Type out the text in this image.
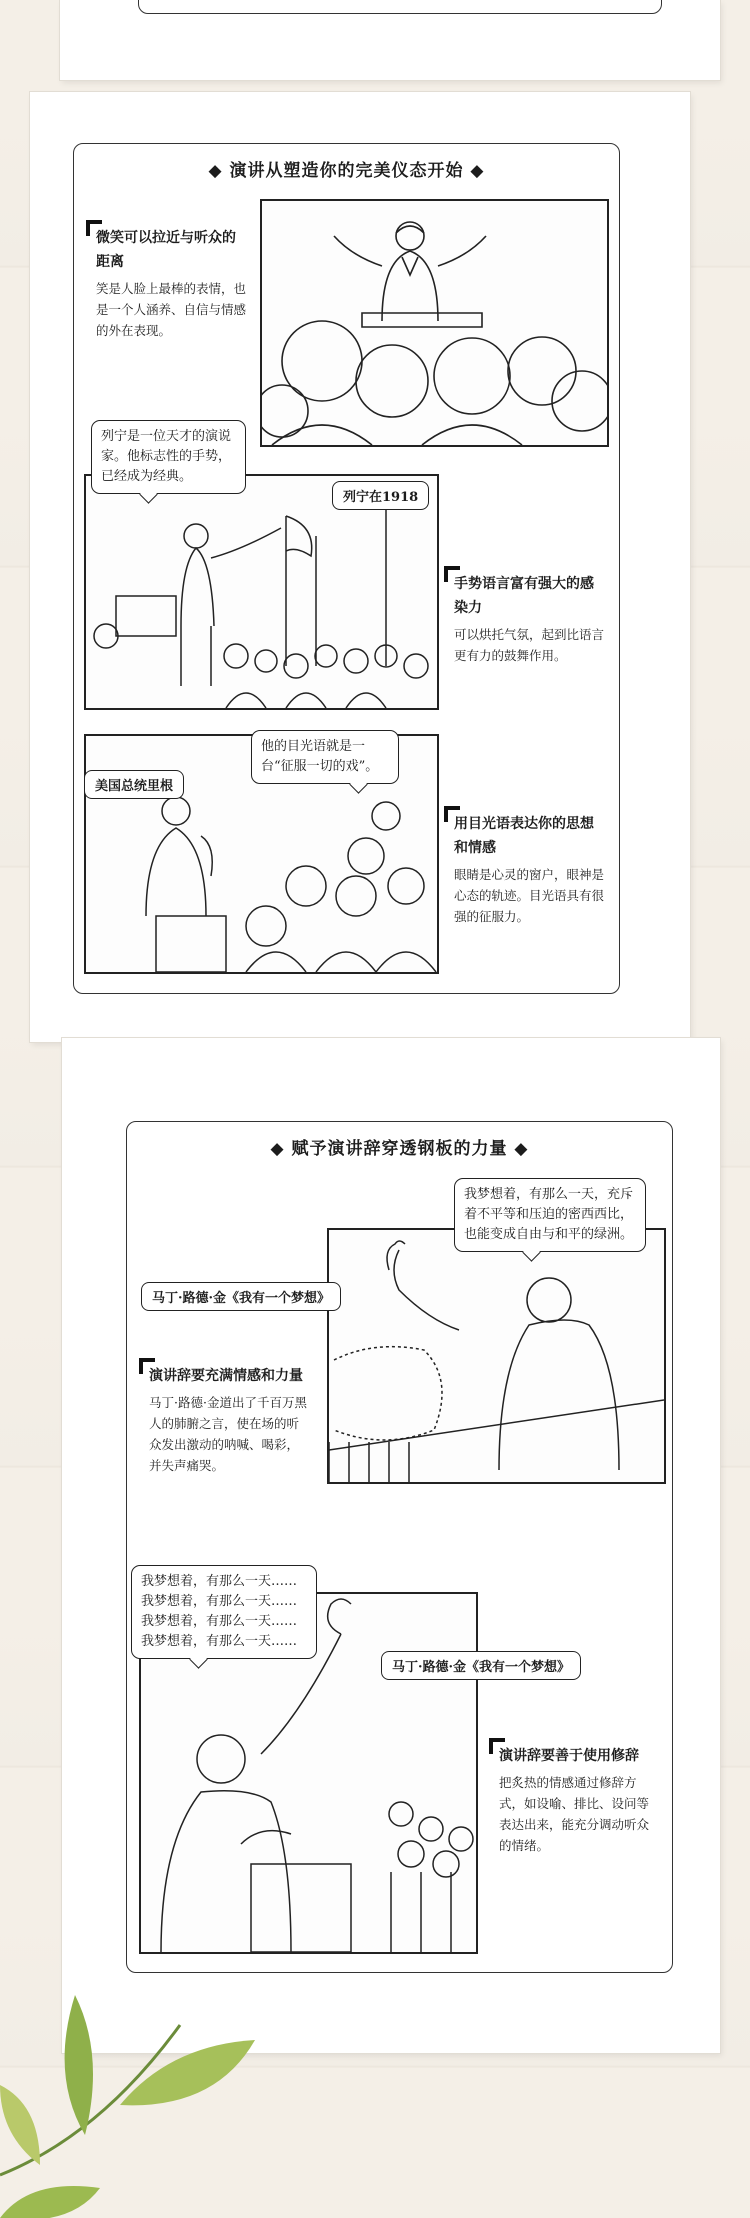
◆ 演讲从塑造你的完美仪态开始 ◆
微笑可以拉近与听众的距离
笑是人脸上最棒的表情，也是一个人涵养、自信与情感的外在表现。
列宁是一位天才的演说家。他标志性的手势，已经成为经典。
列宁在1918
手势语言富有强大的感染力
可以烘托气氛，起到比语言更有力的鼓舞作用。
他的目光语就是一台“征服一切的戏”。
美国总统里根
用目光语表达你的思想和情感
眼睛是心灵的窗户，眼神是心态的轨迹。目光语具有很强的征服力。
◆ 赋予演讲辞穿透钢板的力量 ◆
我梦想着，有那么一天，充斥着不平等和压迫的密西西比，也能变成自由与和平的绿洲。
马丁·路德·金《我有一个梦想》
演讲辞要充满情感和力量
马丁·路德·金道出了千百万黑人的肺腑之言，使在场的听众发出激动的呐喊、喝彩，并失声痛哭。
我梦想着，有那么一天……
我梦想着，有那么一天……
我梦想着，有那么一天……
我梦想着，有那么一天……
马丁·路德·金《我有一个梦想》
演讲辞要善于使用修辞
把炙热的情感通过修辞方式，如设喻、排比、设问等表达出来，能充分调动听众的情绪。
